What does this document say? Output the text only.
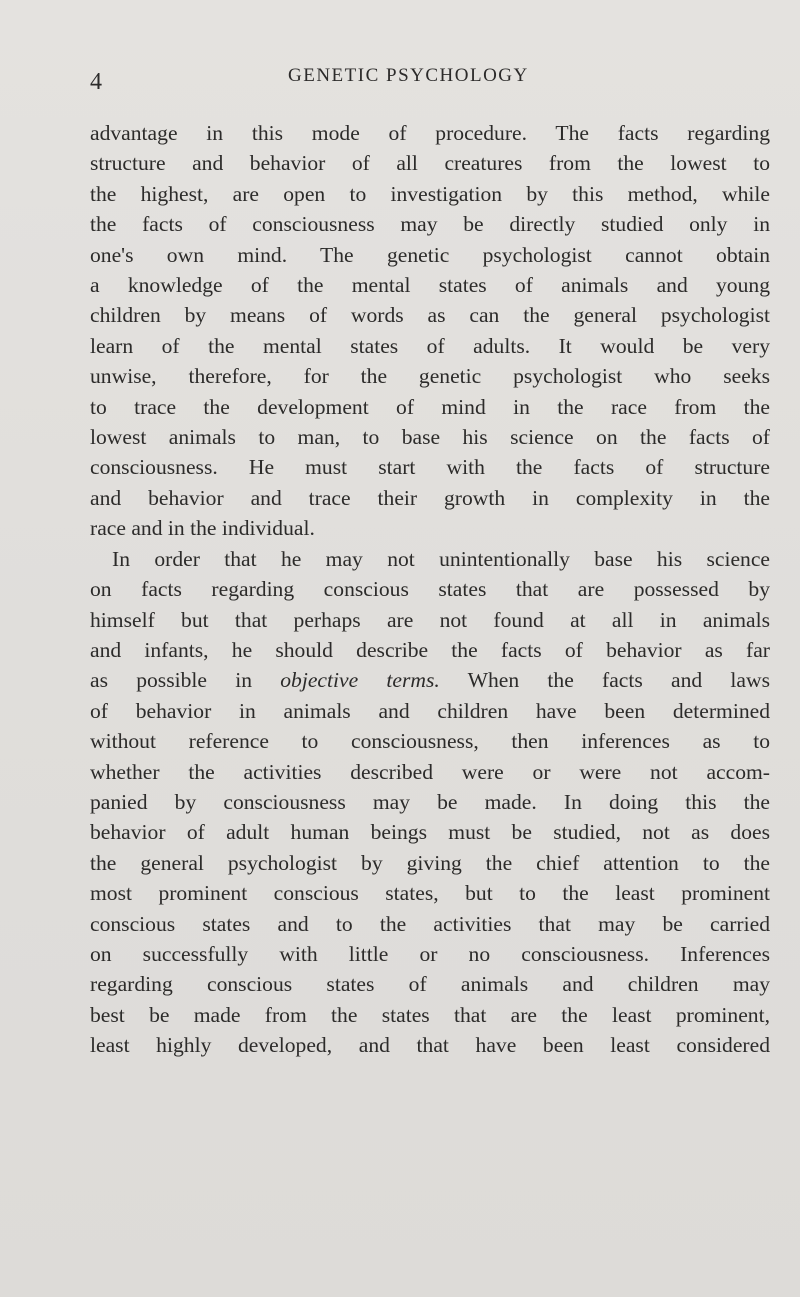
4	GENETIC PSYCHOLOGY

advantage in this mode of procedure. The facts regarding
structure and behavior of all creatures from the lowest to
the highest, are open to investigation by this method, while
the facts of consciousness may be directly studied only in
one's own mind. The genetic psychologist cannot obtain
a knowledge of the mental states of animals and young
children by means of words as can the general psychologist
learn of the mental states of adults. It would be very
unwise, therefore, for the genetic psychologist who seeks
to trace the development of mind in the race from the
lowest animals to man, to base his science on the facts of
consciousness. He must start with the facts of structure
and behavior and trace their growth in complexity in the
race and in the individual.

In order that he may not unintentionally base his science
on facts regarding conscious states that are possessed by
himself but that perhaps are not found at all in animals
and infants, he should describe the facts of behavior as far
as possible in objective terms. When the facts and laws
of behavior in animals and children have been determined
without reference to consciousness, then inferences as to
whether the activities described were or were not accom-
panied by consciousness may be made. In doing this the
behavior of adult human beings must be studied, not as does
the general psychologist by giving the chief attention to the
most prominent conscious states, but to the least prominent
conscious states and to the activities that may be carried
on successfully with little or no consciousness. Inferences
regarding conscious states of animals and children may
best be made from the states that are the least prominent,
least highly developed, and that have been least considered
